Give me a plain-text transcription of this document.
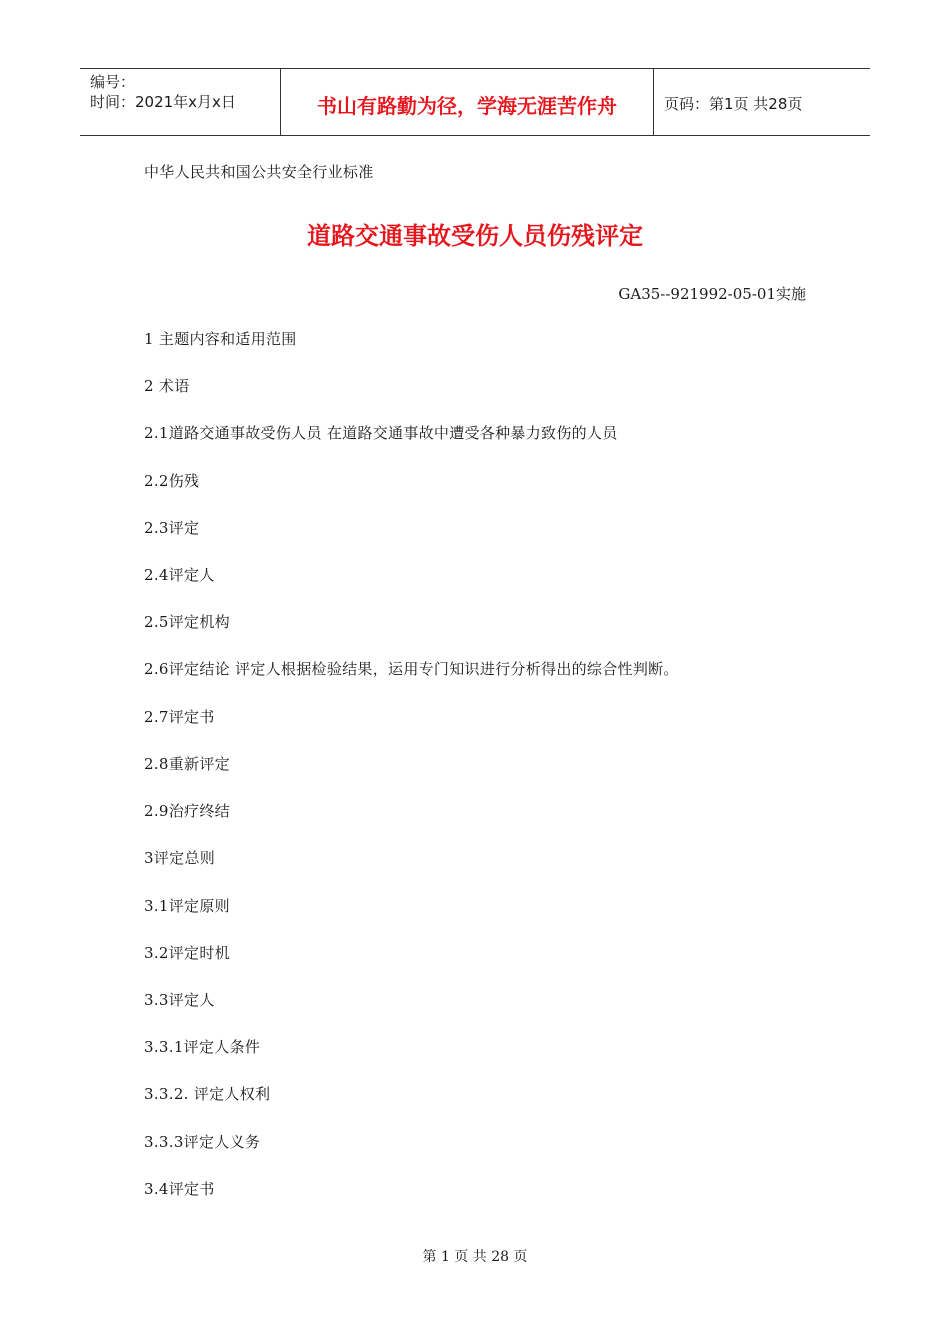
编号：
时间：2021年x月x日	书山有路勤为径，学海无涯苦作舟	页码：第1页 共28页
中华人民共和国公共安全行业标准
道路交通事故受伤人员伤残评定
GA35--921992-05-01实施
1 主题内容和适用范围
2 术语
2.1道路交通事故受伤人员 在道路交通事故中遭受各种暴力致伤的人员
2.2伤残
2.3评定
2.4评定人
2.5评定机构
2.6评定结论 评定人根据检验结果，运用专门知识进行分析得出的综合性判断。
2.7评定书
2.8重新评定
2.9治疗终结
3评定总则
3.1评定原则
3.2评定时机
3.3评定人
3.3.1评定人条件
3.3.2. 评定人权利
3.3.3评定人义务
3.4评定书
第 1 页 共 28 页
